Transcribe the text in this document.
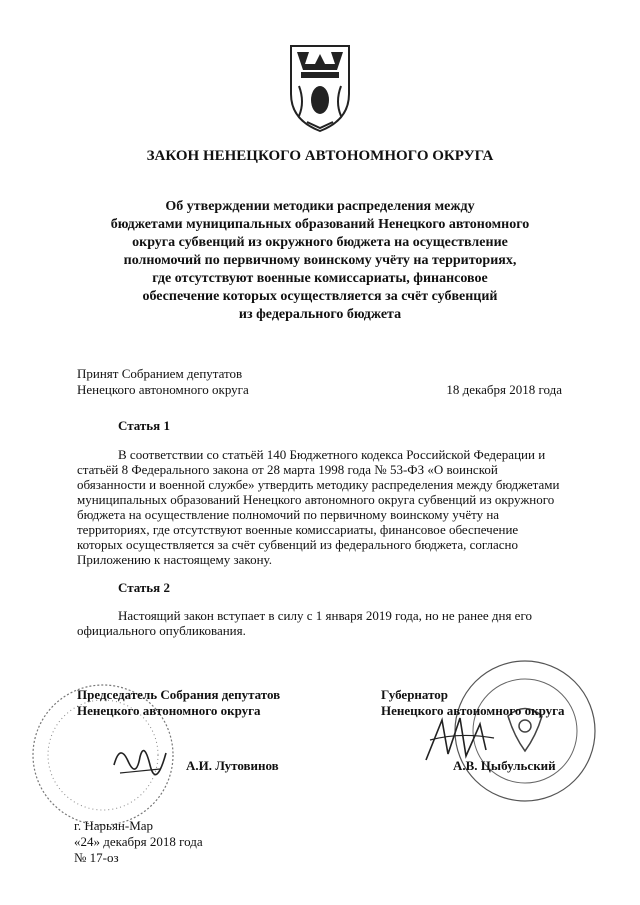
ЗАКОН НЕНЕЦКОГО АВТОНОМНОГО ОКРУГА
Об утверждении методики распределения между
бюджетами муниципальных образований Ненецкого автономного
округа субвенций из окружного бюджета на осуществление
полномочий по первичному воинскому учёту на территориях,
где отсутствуют военные комиссариаты, финансовое
обеспечение которых осуществляется за счёт субвенций
из федерального бюджета
Принят Собранием депутатов
Ненецкого автономного округа	18 декабря 2018 года
Статья 1
В соответствии со статьёй 140 Бюджетного кодекса Российской Федерации и
статьёй 8 Федерального закона от 28 марта 1998 года № 53-ФЗ «О воинской
обязанности и военной службе» утвердить методику распределения между бюджетами
муниципальных образований Ненецкого автономного округа субвенций из окружного
бюджета на осуществление полномочий по первичному воинскому учёту на
территориях, где отсутствуют военные комиссариаты, финансовое обеспечение
которых осуществляется за счёт субвенций из федерального бюджета, согласно
Приложению к настоящему закону.
Статья 2
Настоящий закон вступает в силу с 1 января 2019 года, но не ранее дня его
официального опубликования.
Председатель Собрания депутатов
Ненецкого автономного округа
Губернатор
Ненецкого автономного округа
А.И. Лутовинов	А.В. Цыбульский
г. Нарьян-Мар
«24» декабря 2018 года
№ 17-оз
